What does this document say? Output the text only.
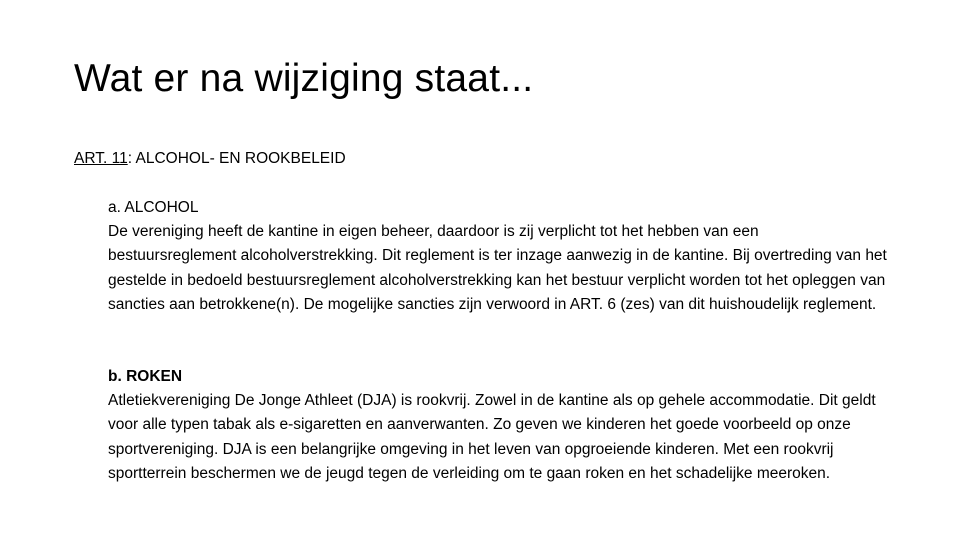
Wat er na wijziging staat...
ART. 11: ALCOHOL- EN ROOKBELEID
a. ALCOHOL
De vereniging heeft de kantine in eigen beheer, daardoor is zij verplicht tot het hebben van een bestuursreglement alcoholverstrekking. Dit reglement is ter inzage aanwezig in de kantine. Bij overtreding van het gestelde in bedoeld bestuursreglement alcoholverstrekking kan het bestuur verplicht worden tot het opleggen van sancties aan betrokkene(n). De mogelijke sancties zijn verwoord in ART. 6 (zes) van dit huishoudelijk reglement.
b. ROKEN
Atletiekvereniging De Jonge Athleet (DJA) is rookvrij. Zowel in de kantine als op gehele accommodatie. Dit geldt voor alle typen tabak als e-sigaretten en aanverwanten. Zo geven we kinderen het goede voorbeeld op onze sportvereniging. DJA is een belangrijke omgeving in het leven van opgroeiende kinderen. Met een rookvrij sportterrein beschermen we de jeugd tegen de verleiding om te gaan roken en het schadelijke meeroken.
